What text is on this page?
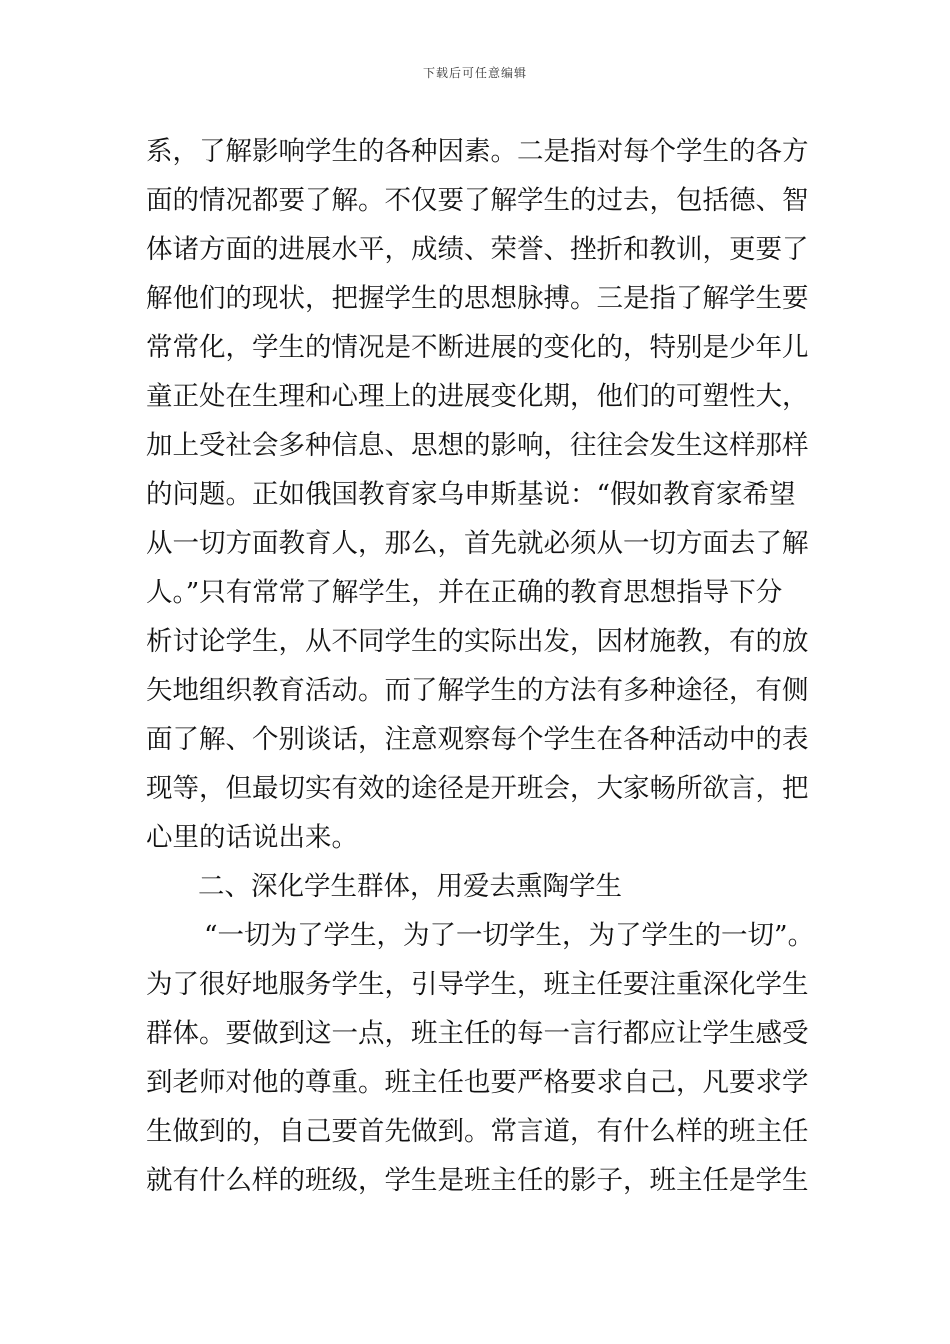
下载后可任意编辑
系，了解影响学生的各种因素。二是指对每个学生的各方
面的情况都要了解。不仅要了解学生的过去，包括德、智
体诸方面的进展水平，成绩、荣誉、挫折和教训，更要了
解他们的现状，把握学生的思想脉搏。三是指了解学生要
常常化，学生的情况是不断进展的变化的，特别是少年儿
童正处在生理和心理上的进展变化期，他们的可塑性大，
加上受社会多种信息、思想的影响，往往会发生这样那样
的问题。正如俄国教育家乌申斯基说：“假如教育家希望
从一切方面教育人，那么，首先就必须从一切方面去了解
人。”只有常常了解学生，并在正确的教育思想指导下分
析讨论学生，从不同学生的实际出发，因材施教，有的放
矢地组织教育活动。而了解学生的方法有多种途径，有侧
面了解、个别谈话，注意观察每个学生在各种活动中的表
现等，但最切实有效的途径是开班会，大家畅所欲言，把
心里的话说出来。
二、深化学生群体，用爱去熏陶学生
“一切为了学生，为了一切学生，为了学生的一切”。
为了很好地服务学生，引导学生，班主任要注重深化学生
群体。要做到这一点，班主任的每一言行都应让学生感受
到老师对他的尊重。班主任也要严格要求自己，凡要求学
生做到的，自己要首先做到。常言道，有什么样的班主任
就有什么样的班级，学生是班主任的影子，班主任是学生
